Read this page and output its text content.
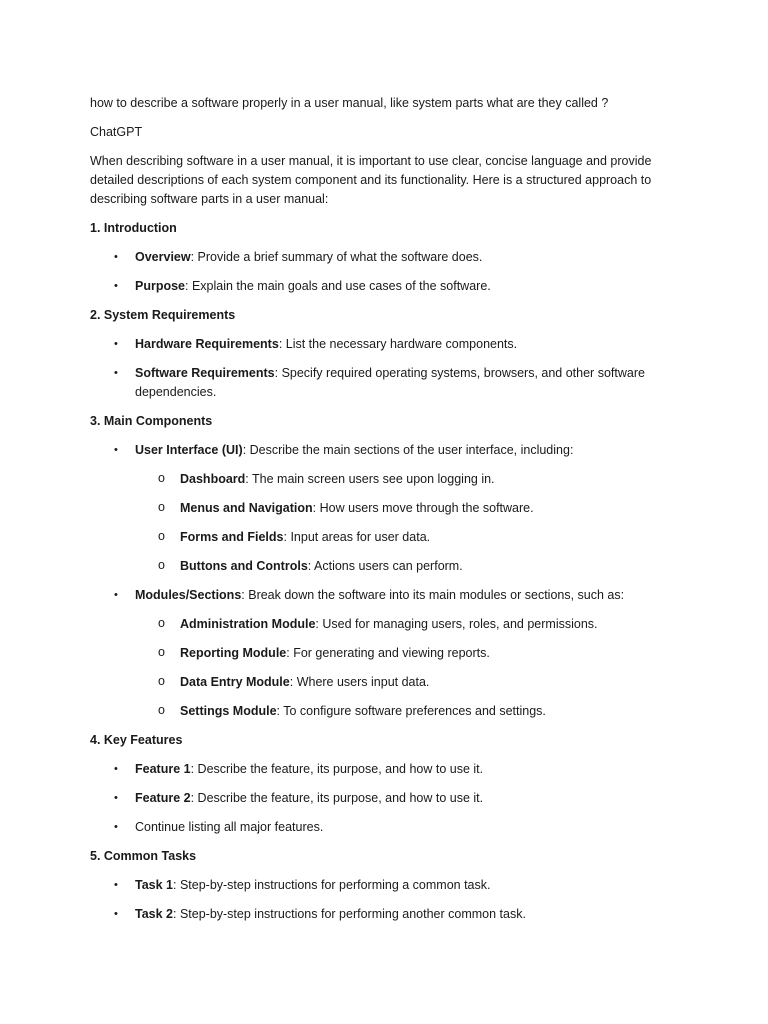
how to describe a software properly in a user manual, like system parts what are they called ?
ChatGPT
When describing software in a user manual, it is important to use clear, concise language and provide detailed descriptions of each system component and its functionality. Here is a structured approach to describing software parts in a user manual:
1. Introduction
• Overview: Provide a brief summary of what the software does.
• Purpose: Explain the main goals and use cases of the software.
2. System Requirements
• Hardware Requirements: List the necessary hardware components.
• Software Requirements: Specify required operating systems, browsers, and other software dependencies.
3. Main Components
• User Interface (UI): Describe the main sections of the user interface, including:
o Dashboard: The main screen users see upon logging in.
o Menus and Navigation: How users move through the software.
o Forms and Fields: Input areas for user data.
o Buttons and Controls: Actions users can perform.
• Modules/Sections: Break down the software into its main modules or sections, such as:
o Administration Module: Used for managing users, roles, and permissions.
o Reporting Module: For generating and viewing reports.
o Data Entry Module: Where users input data.
o Settings Module: To configure software preferences and settings.
4. Key Features
• Feature 1: Describe the feature, its purpose, and how to use it.
• Feature 2: Describe the feature, its purpose, and how to use it.
• Continue listing all major features.
5. Common Tasks
• Task 1: Step-by-step instructions for performing a common task.
• Task 2: Step-by-step instructions for performing another common task.
